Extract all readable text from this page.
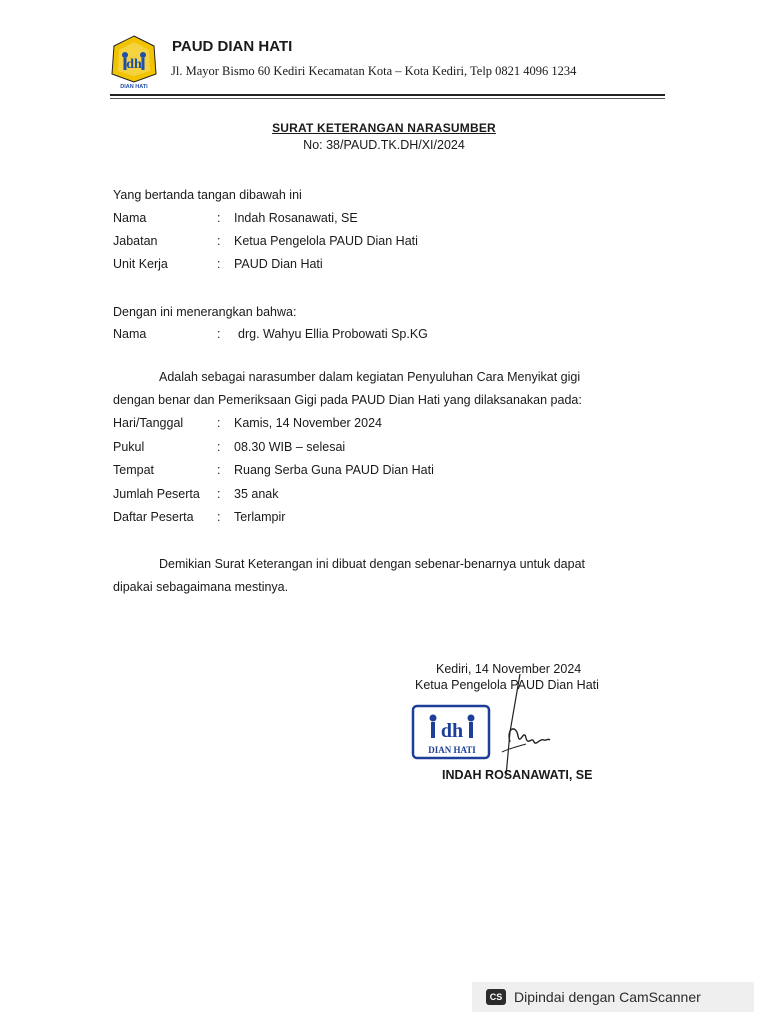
dh
DIAN HATI
PAUD DIAN HATI
Jl. Mayor Bismo 60 Kediri Kecamatan Kota – Kota Kediri, Telp 0821 4096 1234
SURAT KETERANGAN NARASUMBER
No: 38/PAUD.TK.DH/XI/2024
Yang bertanda tangan dibawah ini
Nama	: Indah Rosanawati, SE
Jabatan	: Ketua Pengelola PAUD Dian Hati
Unit Kerja	: PAUD Dian Hati
Dengan ini menerangkan bahwa:
Nama	: drg. Wahyu Ellia Probowati Sp.KG
Adalah sebagai narasumber dalam kegiatan Penyuluhan Cara Menyikat gigi
dengan benar dan Pemeriksaan Gigi pada PAUD Dian Hati yang dilaksanakan pada:
Hari/Tanggal	: Kamis, 14 November 2024
Pukul	: 08.30 WIB – selesai
Tempat	: Ruang Serba Guna PAUD Dian Hati
Jumlah Peserta : 35 anak
Daftar Peserta : Terlampir
Demikian Surat Keterangan ini dibuat dengan sebenar-benarnya untuk dapat
dipakai sebagaimana mestinya.
Kediri, 14 November 2024
Ketua Pengelola PAUD Dian Hati
dh
DIAN HATI
INDAH ROSANAWATI, SE
CS Dipindai dengan CamScanner
